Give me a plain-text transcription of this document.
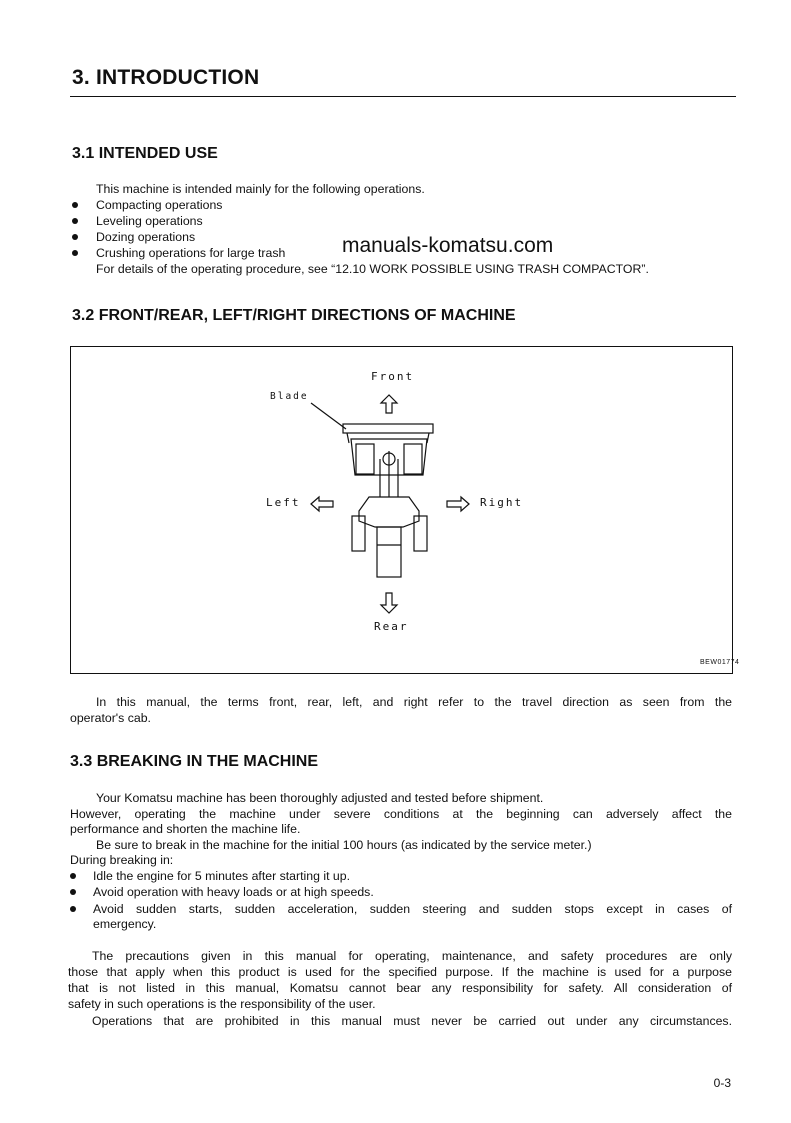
3. INTRODUCTION
3.1 INTENDED USE
This machine is intended mainly for the following operations.
Compacting operations
Leveling operations
Dozing operations
Crushing operations for large trash
For details of the operating procedure, see “12.10 WORK POSSIBLE USING TRASH COMPACTOR”.
manuals-komatsu.com
3.2 FRONT/REAR, LEFT/RIGHT DIRECTIONS OF MACHINE
Front
Rear
Left	Right
Blade
BEW01774
In this manual, the terms front, rear, left, and right refer to the travel direction as seen from the
operator's cab.
3.3 BREAKING IN THE MACHINE
Your Komatsu machine has been thoroughly adjusted and tested before shipment.
However, operating the machine under severe conditions at the beginning can adversely affect the
performance and shorten the machine life.
Be sure to break in the machine for the initial 100 hours (as indicated by the service meter.)
During breaking in:
Idle the engine for 5 minutes after starting it up.
Avoid operation with heavy loads or at high speeds.
Avoid sudden starts, sudden acceleration, sudden steering and sudden stops except in cases of
emergency.
The precautions given in this manual for operating, maintenance, and safety procedures are only
those that apply when this product is used for the specified purpose. If the machine is used for a purpose
that is not listed in this manual, Komatsu cannot bear any responsibility for safety. All consideration of
safety in such operations is the responsibility of the user.
Operations that are prohibited in this manual must never be carried out under any circumstances.
0-3
